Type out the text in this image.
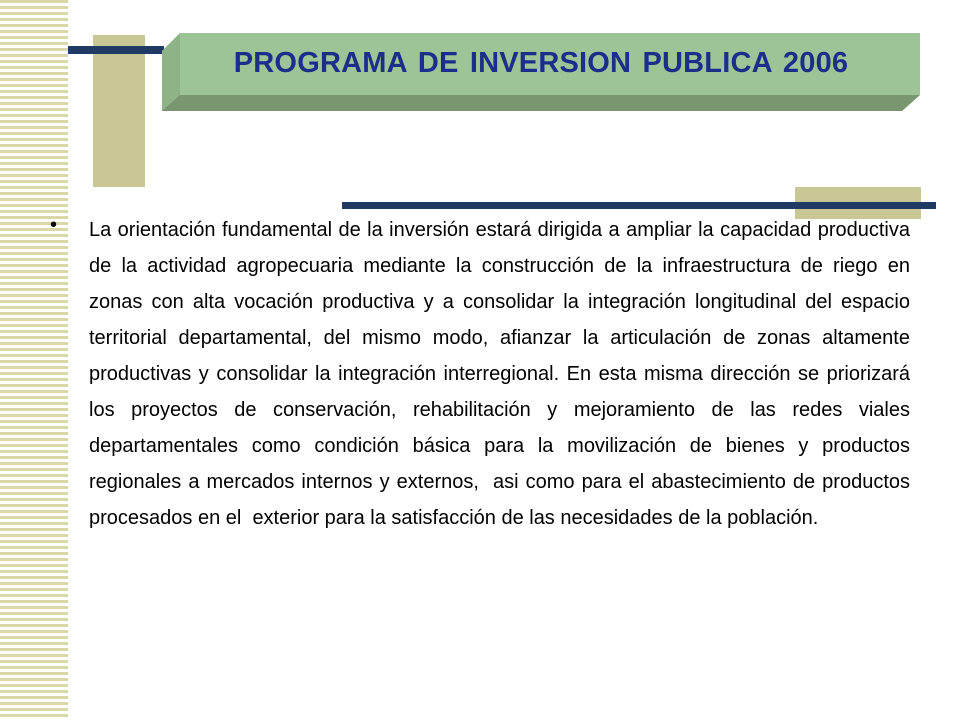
PROGRAMA DE INVERSION PUBLICA 2006
• La orientación fundamental de la inversión estará dirigida a ampliar la capacidad productiva de la actividad agropecuaria mediante la construcción de la infraestructura de riego en zonas con alta vocación productiva y a consolidar la integración longitudinal del espacio territorial departamental, del mismo modo, afianzar la articulación de zonas altamente productivas y consolidar la integración interregional. En esta misma dirección se priorizará los proyectos de conservación, rehabilitación y mejoramiento de las redes viales departamentales como condición básica para la movilización de bienes y productos regionales a mercados internos y externos,  asi como para el abastecimiento de productos procesados en el  exterior para la satisfacción de las necesidades de la población.
